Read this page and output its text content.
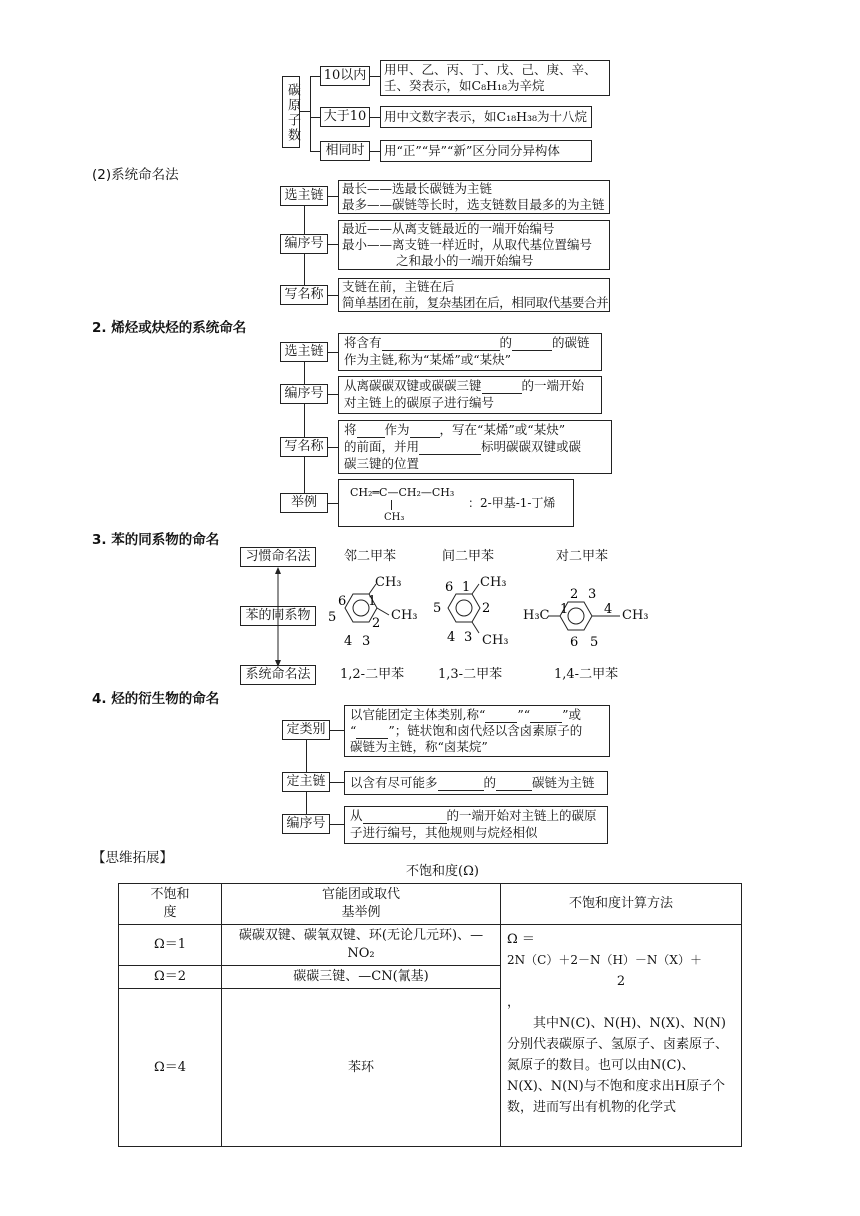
碳原子数
10以内 用甲、乙、丙、丁、戊、己、庚、辛、壬、癸表示，如C₈H₁₈为辛烷
大于10 用中文数字表示，如C₁₈H₃₈为十八烷
相同时	用“正”“异”“新”区分同分异构体
(2)系统命名法
选主链	最长——选最长碳链为主链
最多——碳链等长时，选支链数目最多的为主链
编序号
最近——从离支链最近的一端开始编号
最小——离支链一样近时，从取代基位置编号
之和最小的一端开始编号
写名称
支链在前，主链在后
简单基团在前，复杂基团在后，相同取代基要合并
2. 烯烃或炔烃的系统命名
选主链
将含有	的	的碳链
作为主链,称为“某烯”或“某炔”
编序号
从离碳碳双键或碳碳三键	的一端开始
对主链上的碳原子进行编号
写名称
将 作为 ，写在“某烯”或“某炔”
的前面，并用	标明碳碳双键或碳
碳三键的位置
举例
CH₂═C—CH₂—CH₃
CH₃
：2-甲基-1-丁烯
3. 苯的同系物的命名
习惯命名法
苯的同系物
系统命名法
邻二甲苯	间二甲苯	对二甲苯
6 1
2
5
4 3
CH₃
CH₃
6 1
2
5
4 3
CH₃
CH₃
2 3
1	4
6 5
H₃C	CH₃
1,2-二甲苯	1,3-二甲苯	1,4-二甲苯
4. 烃的衍生物的命名
定类别
以官能团定主体类别,称“	”“	”或
“	”；链状饱和卤代烃以含卤素原子的
碳链为主链，称“卤某烷”
定主链	以含有尽可能多	的	碳链为主链
编序号
从	的一端开始对主链上的碳原
子进行编号，其他规则与烷烃相似
【思维拓展】
不饱和度(Ω)
不饱和度	官能团或取代基举例	不饱和度计算方法
Ω＝1	碳碳双键、碳氧双键、环(无论几元环)、—NO₂	Ω ＝
2N（C）＋2－N（H）－N（X）＋
2
，
其中N(C)、N(H)、N(X)、N(N)分别代表碳原子、氢原子、卤素原子、氮原子的数目。也可以由N(C)、N(X)、N(N)与不饱和度求出H原子个数，进而写出有机物的化学式

Ω＝2	碳碳三键、—CN(氰基)	
Ω＝4	苯环	
